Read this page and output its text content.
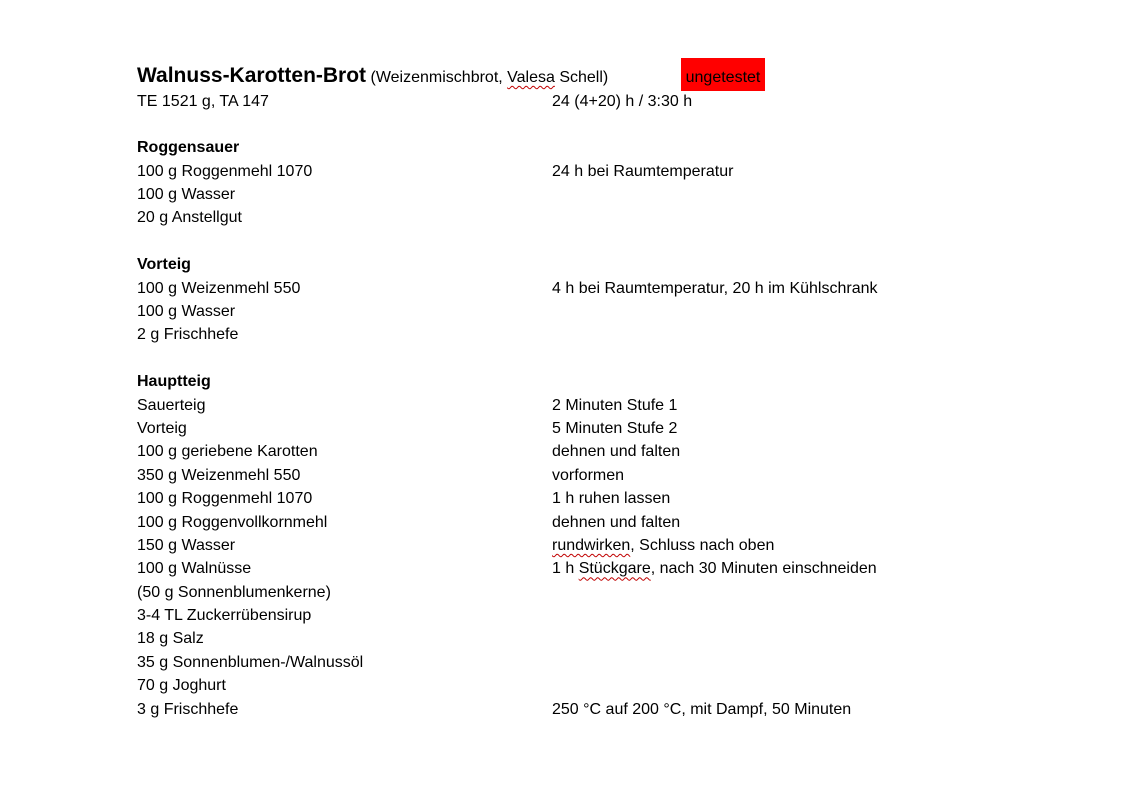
Walnuss-Karotten-Brot (Weizenmischbrot, Valesa Schell)	ungetestet
TE 1521 g, TA 147
Roggensauer
100 g Roggenmehl 1070
100 g Wasser
20 g Anstellgut
Vorteig
100 g Weizenmehl 550
100 g Wasser
2 g Frischhefe
Hauptteig
Sauerteig
Vorteig
100 g geriebene Karotten
350 g Weizenmehl 550
100 g Roggenmehl 1070
100 g Roggenvollkornmehl
150 g Wasser
100 g Walnüsse
(50 g Sonnenblumenkerne)
3-4 TL Zuckerrübensirup
18 g Salz
35 g Sonnenblumen-/Walnussöl
70 g Joghurt
3 g Frischhefe
24 (4+20) h / 3:30 h
24 h bei Raumtemperatur
4 h bei Raumtemperatur, 20 h im Kühlschrank
2 Minuten Stufe 1
5 Minuten Stufe 2
dehnen und falten
vorformen
1 h ruhen lassen
dehnen und falten
rundwirken, Schluss nach oben
1 h Stückgare, nach 30 Minuten einschneiden
250 °C auf 200 °C, mit Dampf, 50 Minuten
